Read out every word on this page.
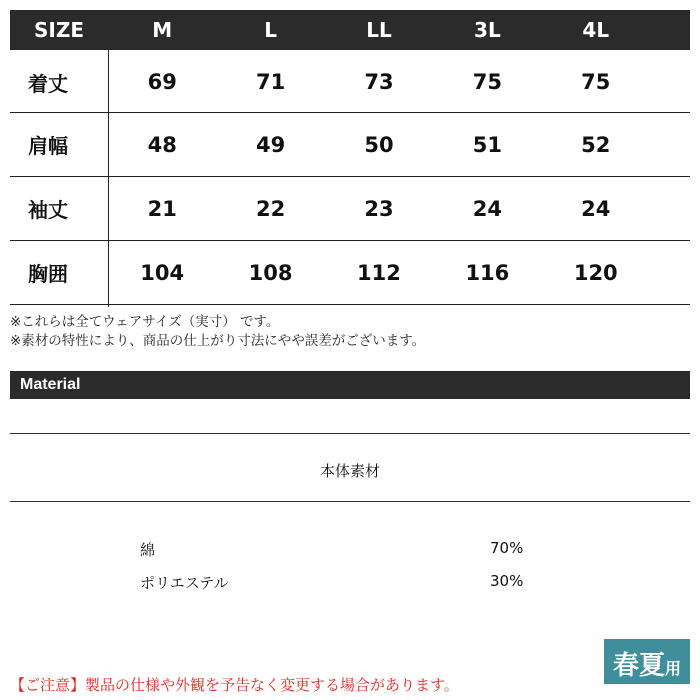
SIZE	M	L	LL	3L	4L
着丈	69	71	73	75	75
肩幅	48	49	50	51	52
袖丈	21	22	23	24	24
胸囲	104	108	112	116	120
※これらは全てウェアサイズ（実寸） です。
※素材の特性により、商品の仕上がり寸法にやや誤差がございます。
Material
本体素材
綿	70%
ポリエステル	30%
春夏 用
【ご注意】製品の仕様や外観を予告なく変更する場合があります。
